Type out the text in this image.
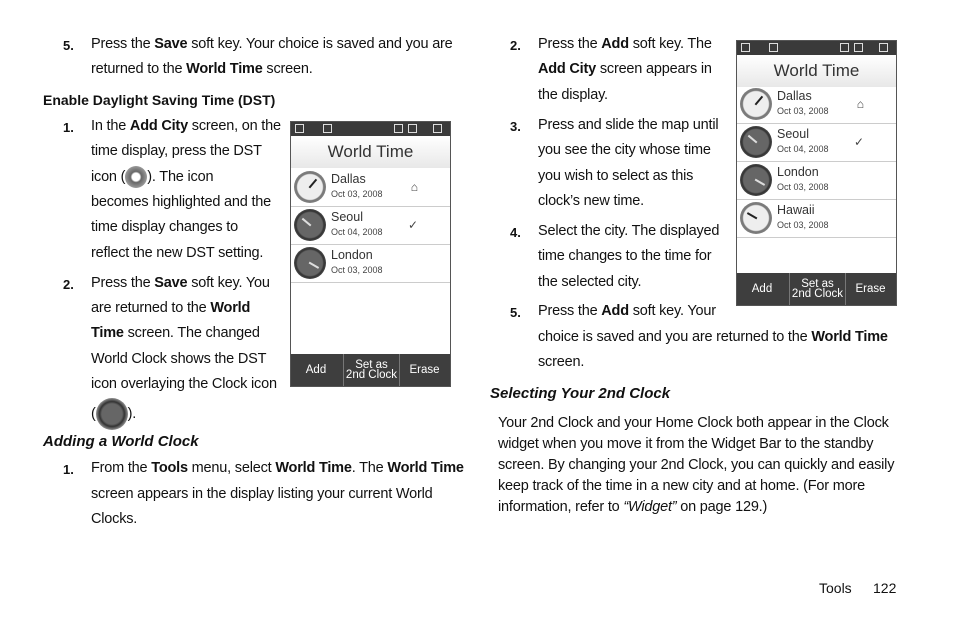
5. Press the Save soft key. Your choice is saved and you are
returned to the World Time screen.
Enable Daylight Saving Time (DST)
1. In the Add City screen, on the
time display, press the DST
icon ( ). The icon
becomes highlighted and the
time display changes to
reflect the new DST setting.
2. Press the Save soft key. You
are returned to the World
Time screen. The changed
World Clock shows the DST
icon overlaying the Clock icon
( ).
Adding a World Clock
1. From the Tools menu, select World Time. The World Time
screen appears in the display listing your current World
Clocks.
World Time
Dallas
Oct 03, 2008 ⌂
Seoul
Oct 04, 2008 ✓
London
Oct 03, 2008
Add	Set as
2nd Clock	Erase
2. Press the Add soft key. The
Add City screen appears in
the display.
3. Press and slide the map until
you see the city whose time
you wish to select as this
clock’s new time.
4. Select the city. The displayed
time changes to the time for
the selected city.
5. Press the Add soft key. Your
choice is saved and you are returned to the World Time
screen.
Selecting Your 2nd Clock
Your 2nd Clock and your Home Clock both appear in the Clock
widget when you move it from the Widget Bar to the standby
screen. By changing your 2nd Clock, you can quickly and easily
keep track of the time in a new city and at home. (For more
information, refer to “Widget” on page 129.)
World Time
Dallas
Oct 03, 2008 ⌂
Seoul
Oct 04, 2008 ✓
London
Oct 03, 2008
Hawaii
Oct 03, 2008
Add	Set as
2nd Clock	Erase
Tools 122
